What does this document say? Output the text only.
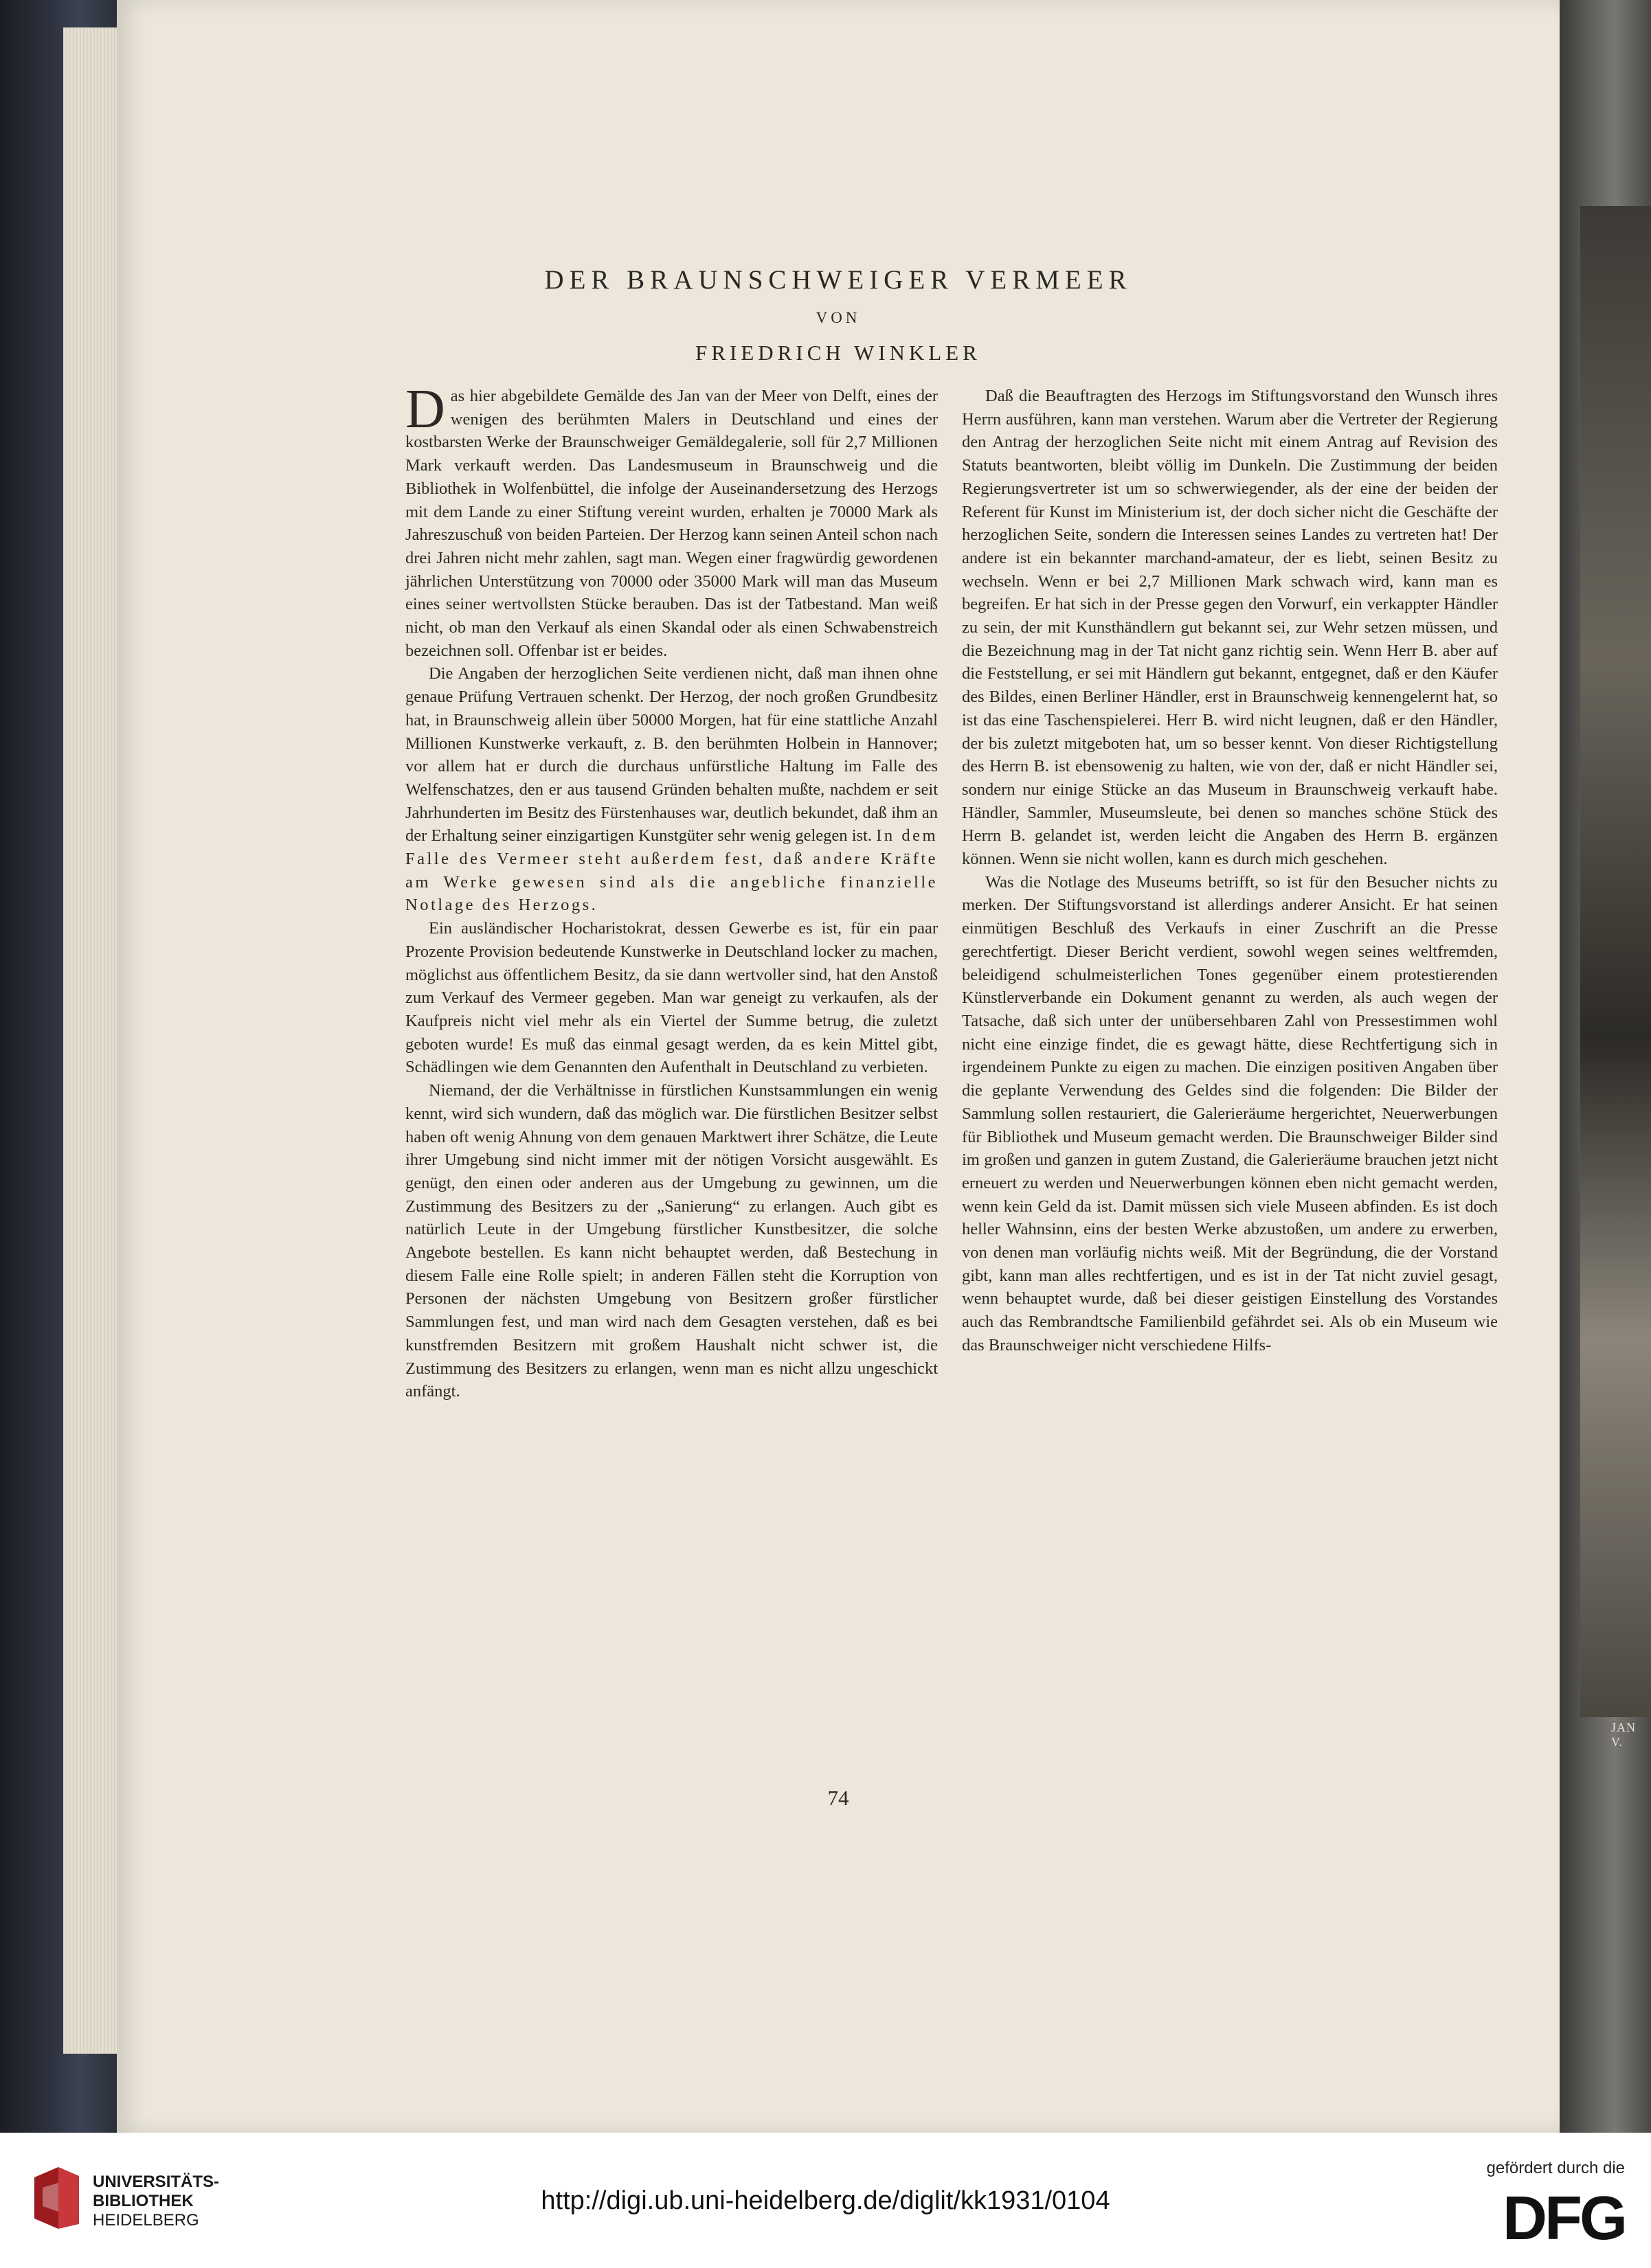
JAN V.
DER BRAUNSCHWEIGER VERMEER
VON
FRIEDRICH WINKLER

Das hier abgebildete Gemälde des Jan van der Meer von Delft, eines der wenigen des berühmten Malers in Deutschland und eines der kostbarsten Werke der Braunschweiger Gemäldegalerie, soll für 2,7 Millionen Mark verkauft werden. Das Landesmuseum in Braunschweig und die Bibliothek in Wolfenbüttel, die infolge der Auseinandersetzung des Herzogs mit dem Lande zu einer Stiftung vereint wurden, erhalten je 70000 Mark als Jahreszuschuß von beiden Parteien. Der Herzog kann seinen Anteil schon nach drei Jahren nicht mehr zahlen, sagt man. Wegen einer fragwürdig gewordenen jährlichen Unterstützung von 70000 oder 35000 Mark will man das Museum eines seiner wertvollsten Stücke berauben. Das ist der Tatbestand. Man weiß nicht, ob man den Verkauf als einen Skandal oder als einen Schwabenstreich bezeichnen soll. Offenbar ist er beides.

Die Angaben der herzoglichen Seite verdienen nicht, daß man ihnen ohne genaue Prüfung Vertrauen schenkt. Der Herzog, der noch großen Grundbesitz hat, in Braunschweig allein über 50000 Morgen, hat für eine stattliche Anzahl Millionen Kunstwerke verkauft, z. B. den berühmten Holbein in Hannover; vor allem hat er durch die durchaus unfürstliche Haltung im Falle des Welfenschatzes, den er aus tausend Gründen behalten mußte, nachdem er seit Jahrhunderten im Besitz des Fürstenhauses war, deutlich bekundet, daß ihm an der Erhaltung seiner einzigartigen Kunstgüter sehr wenig gelegen ist. In dem Falle des Vermeer steht außerdem fest, daß andere Kräfte am Werke gewesen sind als die angebliche finanzielle Notlage des Herzogs.

Ein ausländischer Hocharistokrat, dessen Gewerbe es ist, für ein paar Prozente Provision bedeutende Kunstwerke in Deutschland locker zu machen, möglichst aus öffentlichem Besitz, da sie dann wertvoller sind, hat den Anstoß zum Verkauf des Vermeer gegeben. Man war geneigt zu verkaufen, als der Kaufpreis nicht viel mehr als ein Viertel der Summe betrug, die zuletzt geboten wurde! Es muß das einmal gesagt werden, da es kein Mittel gibt, Schädlingen wie dem Genannten den Aufenthalt in Deutschland zu verbieten.

Niemand, der die Verhältnisse in fürstlichen Kunstsammlungen ein wenig kennt, wird sich wundern, daß das möglich war. Die fürstlichen Besitzer selbst haben oft wenig Ahnung von dem genauen Marktwert ihrer Schätze, die Leute ihrer Umgebung sind nicht immer mit der nötigen Vorsicht ausgewählt. Es genügt, den einen oder anderen aus der Umgebung zu gewinnen, um die Zustimmung des Besitzers zu der „Sanierung“ zu erlangen. Auch gibt es natürlich Leute in der Umgebung fürstlicher Kunstbesitzer, die solche Angebote bestellen. Es kann nicht behauptet werden, daß Bestechung in diesem Falle eine Rolle spielt; in anderen Fällen steht die Korruption von Personen der nächsten Umgebung von Besitzern großer fürstlicher Sammlungen fest, und man wird nach dem Gesagten verstehen, daß es bei kunstfremden Besitzern mit großem Haushalt nicht schwer ist, die Zustimmung des Besitzers zu erlangen, wenn man es nicht allzu ungeschickt anfängt.

Daß die Beauftragten des Herzogs im Stiftungsvorstand den Wunsch ihres Herrn ausführen, kann man verstehen. Warum aber die Vertreter der Regierung den Antrag der herzoglichen Seite nicht mit einem Antrag auf Revision des Statuts beantworten, bleibt völlig im Dunkeln. Die Zustimmung der beiden Regierungsvertreter ist um so schwerwiegender, als der eine der beiden der Referent für Kunst im Ministerium ist, der doch sicher nicht die Geschäfte der herzoglichen Seite, sondern die Interessen seines Landes zu vertreten hat! Der andere ist ein bekannter marchand-amateur, der es liebt, seinen Besitz zu wechseln. Wenn er bei 2,7 Millionen Mark schwach wird, kann man es begreifen. Er hat sich in der Presse gegen den Vorwurf, ein verkappter Händler zu sein, der mit Kunsthändlern gut bekannt sei, zur Wehr setzen müssen, und die Bezeichnung mag in der Tat nicht ganz richtig sein. Wenn Herr B. aber auf die Feststellung, er sei mit Händlern gut bekannt, entgegnet, daß er den Käufer des Bildes, einen Berliner Händler, erst in Braunschweig kennengelernt hat, so ist das eine Taschenspielerei. Herr B. wird nicht leugnen, daß er den Händler, der bis zuletzt mitgeboten hat, um so besser kennt. Von dieser Richtigstellung des Herrn B. ist ebensowenig zu halten, wie von der, daß er nicht Händler sei, sondern nur einige Stücke an das Museum in Braunschweig verkauft habe. Händler, Sammler, Museumsleute, bei denen so manches schöne Stück des Herrn B. gelandet ist, werden leicht die Angaben des Herrn B. ergänzen können. Wenn sie nicht wollen, kann es durch mich geschehen.

Was die Notlage des Museums betrifft, so ist für den Besucher nichts zu merken. Der Stiftungsvorstand ist allerdings anderer Ansicht. Er hat seinen einmütigen Beschluß des Verkaufs in einer Zuschrift an die Presse gerechtfertigt. Dieser Bericht verdient, sowohl wegen seines weltfremden, beleidigend schulmeisterlichen Tones gegenüber einem protestierenden Künstlerverbande ein Dokument genannt zu werden, als auch wegen der Tatsache, daß sich unter der unübersehbaren Zahl von Pressestimmen wohl nicht eine einzige findet, die es gewagt hätte, diese Rechtfertigung sich in irgendeinem Punkte zu eigen zu machen. Die einzigen positiven Angaben über die geplante Verwendung des Geldes sind die folgenden: Die Bilder der Sammlung sollen restauriert, die Galerieräume hergerichtet, Neuerwerbungen für Bibliothek und Museum gemacht werden. Die Braunschweiger Bilder sind im großen und ganzen in gutem Zustand, die Galerieräume brauchen jetzt nicht erneuert zu werden und Neuerwerbungen können eben nicht gemacht werden, wenn kein Geld da ist. Damit müssen sich viele Museen abfinden. Es ist doch heller Wahnsinn, eins der besten Werke abzustoßen, um andere zu erwerben, von denen man vorläufig nichts weiß. Mit der Begründung, die der Vorstand gibt, kann man alles rechtfertigen, und es ist in der Tat nicht zuviel gesagt, wenn behauptet wurde, daß bei dieser geistigen Einstellung des Vorstandes auch das Rembrandtsche Familienbild gefährdet sei. Als ob ein Museum wie das Braunschweiger nicht verschiedene Hilfs-

74
UNIVERSITÄTS-
BIBLIOTHEK
HEIDELBERG
http://digi.ub.uni-heidelberg.de/diglit/kk1931/0104
gefördert durch die
DFG
